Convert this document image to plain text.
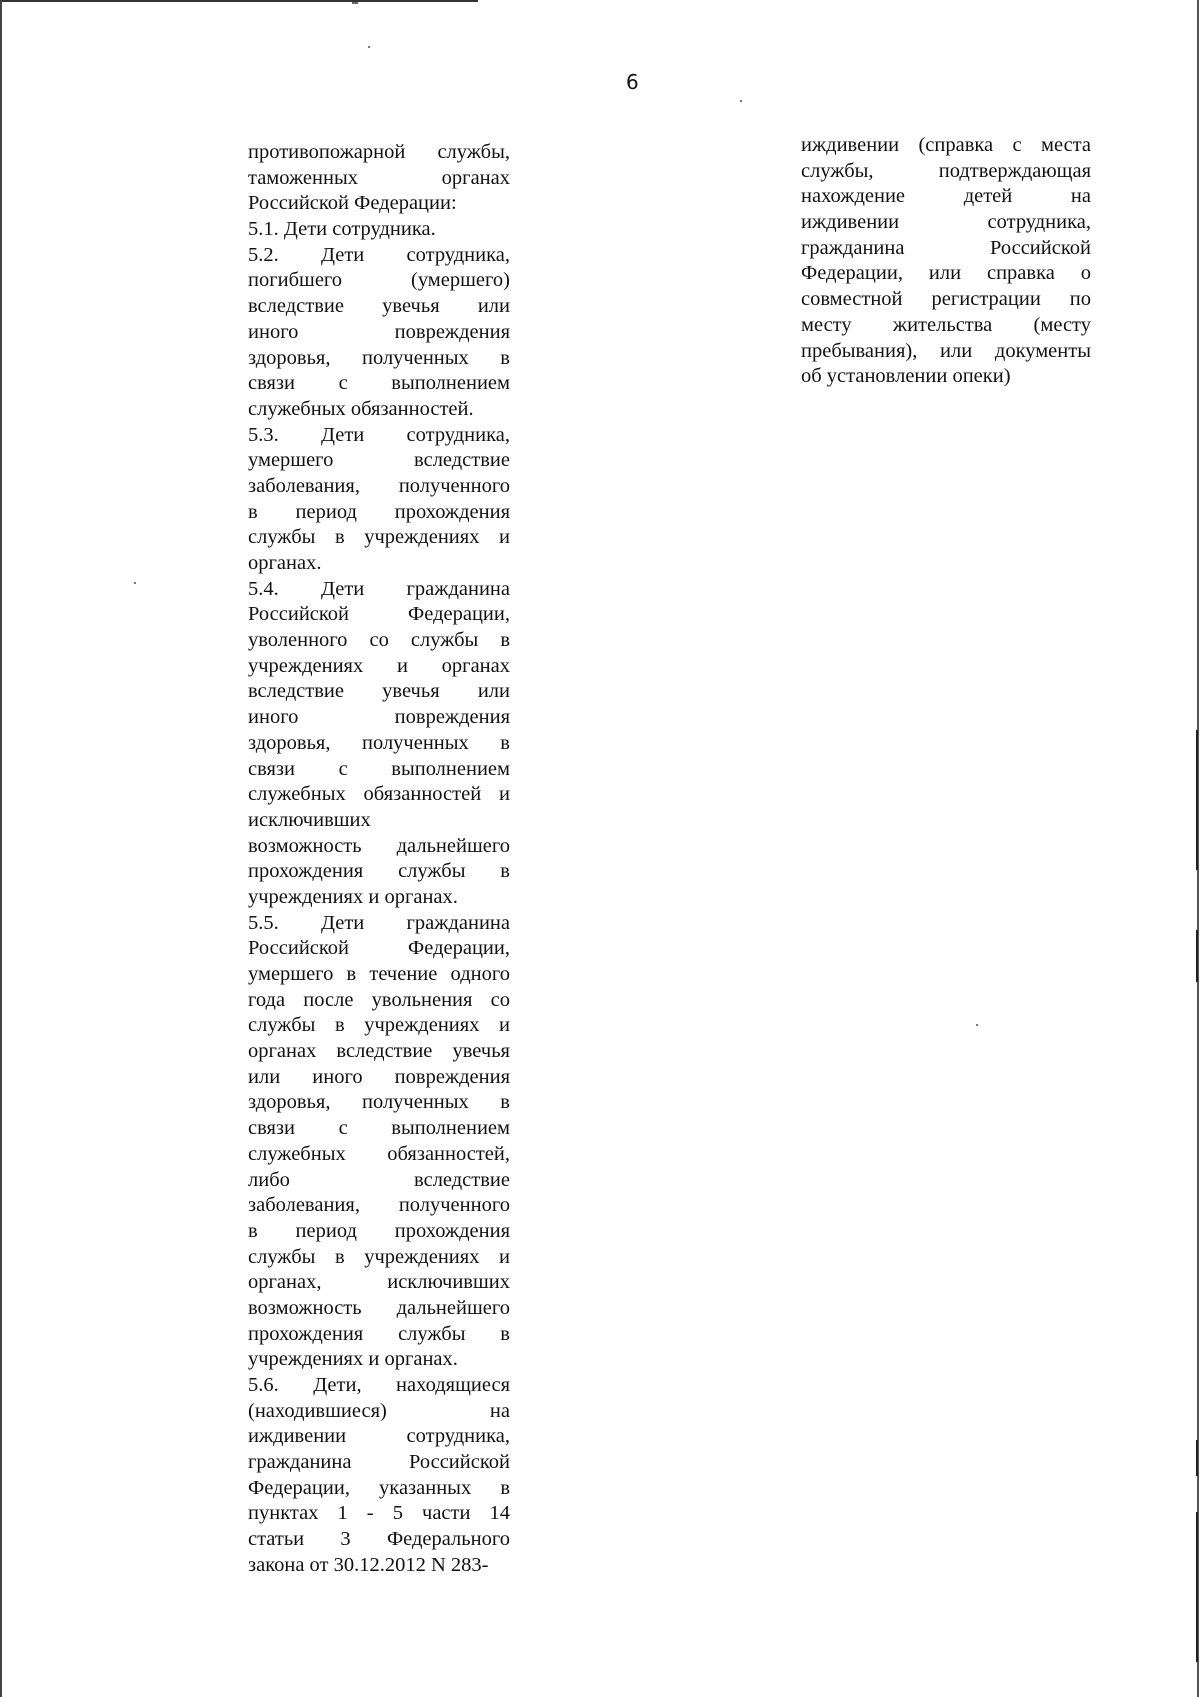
6
противопожарной службы,
таможенных органах
Российской Федерации:
5.1. Дети сотрудника.
5.2. Дети сотрудника,
погибшего (умершего)
вследствие увечья или
иного повреждения
здоровья, полученных в
связи с выполнением
служебных обязанностей.
5.3. Дети сотрудника,
умершего вследствие
заболевания, полученного
в период прохождения
службы в учреждениях и
органах.
5.4. Дети гражданина
Российской Федерации,
уволенного со службы в
учреждениях и органах
вследствие увечья или
иного повреждения
здоровья, полученных в
связи с выполнением
служебных обязанностей и
исключивших
возможность дальнейшего
прохождения службы в
учреждениях и органах.
5.5. Дети гражданина
Российской Федерации,
умершего в течение одного
года после увольнения со
службы в учреждениях и
органах вследствие увечья
или иного повреждения
здоровья, полученных в
связи с выполнением
служебных обязанностей,
либо вследствие
заболевания, полученного
в период прохождения
службы в учреждениях и
органах, исключивших
возможность дальнейшего
прохождения службы в
учреждениях и органах.
5.6. Дети, находящиеся
(находившиеся) на
иждивении сотрудника,
гражданина Российской
Федерации, указанных в
пунктах 1 - 5 части 14
статьи 3 Федерального
закона от 30.12.2012 N 283-
иждивении (справка с места
службы, подтверждающая
нахождение детей на
иждивении сотрудника,
гражданина Российской
Федерации, или справка о
совместной регистрации по
месту жительства (месту
пребывания), или документы
об установлении опеки)
